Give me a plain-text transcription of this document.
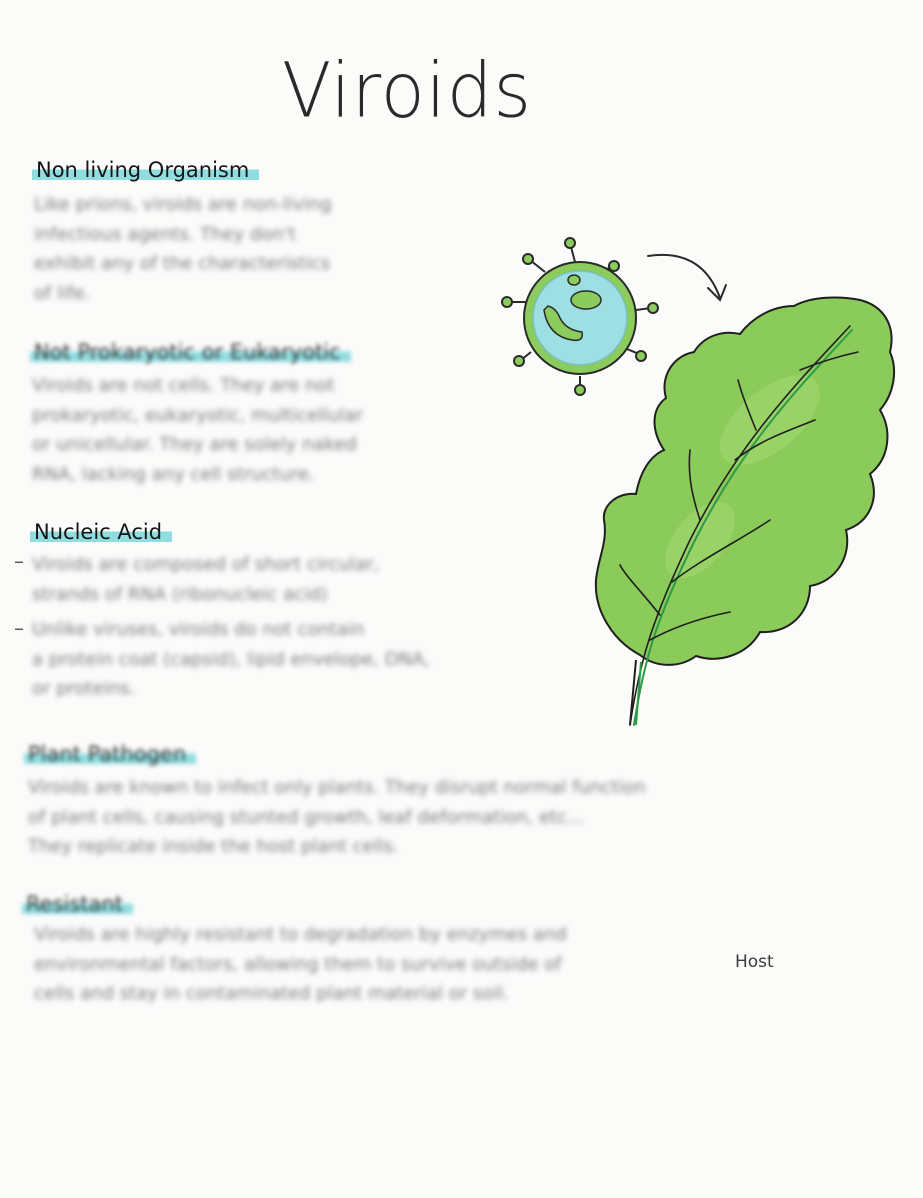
Viroids
Non living Organism
Like prions, viroids are non-living
infectious agents. They don't
exhibit any of the characteristics
of life.
Not Prokaryotic or Eukaryotic
Viroids are not cells. They are not
prokaryotic, eukaryotic, multicellular
or unicellular. They are solely naked
RNA, lacking any cell structure.
Nucleic Acid
– Viroids are composed of short circular,
strands of RNA (ribonucleic acid)
– Unlike viruses, viroids do not contain
a protein coat (capsid), lipid envelope, DNA,
or proteins.
Plant Pathogen
Viroids are known to infect only plants. They disrupt normal function
of plant cells, causing stunted growth, leaf deformation, etc...
They replicate inside the host plant cells.
Resistant
Viroids are highly resistant to degradation by enzymes and
environmental factors, allowing them to survive outside of
cells and stay in contaminated plant material or soil.
Host
